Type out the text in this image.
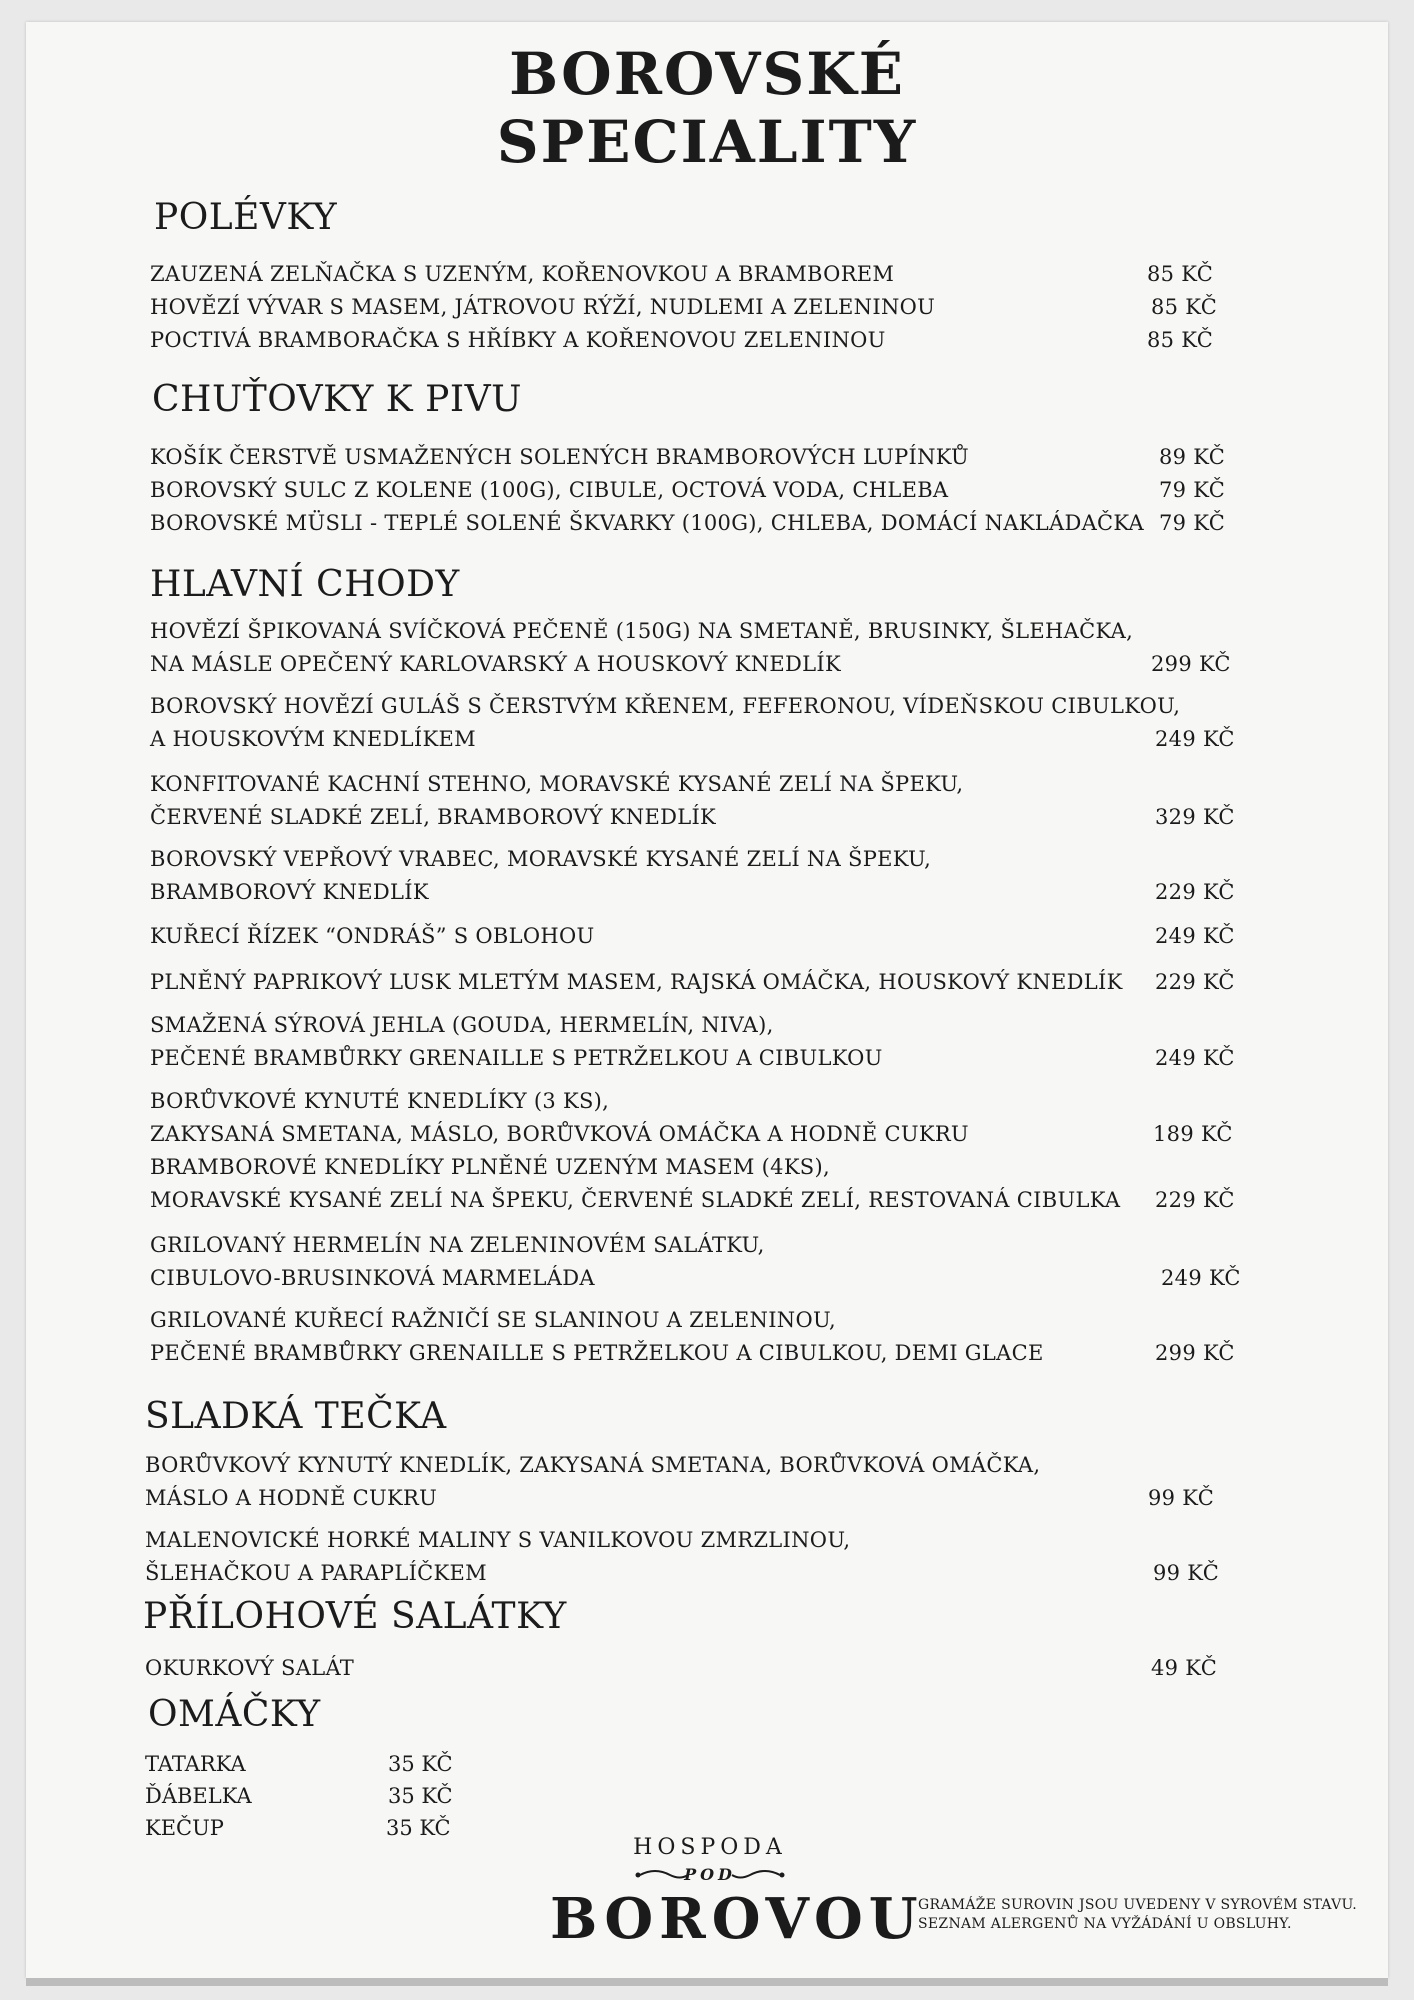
BOROVSKÉ
SPECIALITY
POLÉVKY
ZAUZENÁ ZELŇAČKA S UZENÝM, KOŘENOVKOU A BRAMBOREM	85 KČ
HOVĚZÍ VÝVAR S MASEM, JÁTROVOU RÝŽÍ, NUDLEMI A ZELENINOU	85 KČ
POCTIVÁ BRAMBORAČKA S HŘÍBKY A KOŘENOVOU ZELENINOU	85 KČ
CHUŤOVKY K PIVU
KOŠÍK ČERSTVĚ USMAŽENÝCH SOLENÝCH BRAMBOROVÝCH LUPÍNKŮ	89 KČ
BOROVSKÝ SULC Z KOLENE (100G), CIBULE, OCTOVÁ VODA, CHLEBA	79 KČ
BOROVSKÉ MÜSLI - TEPLÉ SOLENÉ ŠKVARKY (100G), CHLEBA, DOMÁCÍ NAKLÁDAČKA 79 KČ
HLAVNÍ CHODY
HOVĚZÍ ŠPIKOVANÁ SVÍČKOVÁ PEČENĚ (150G) NA SMETANĚ, BRUSINKY, ŠLEHAČKA,
NA MÁSLE OPEČENÝ KARLOVARSKÝ A HOUSKOVÝ KNEDLÍK	299 KČ
BOROVSKÝ HOVĚZÍ GULÁŠ S ČERSTVÝM KŘENEM, FEFERONOU, VÍDEŇSKOU CIBULKOU,
A HOUSKOVÝM KNEDLÍKEM	249 KČ
KONFITOVANÉ KACHNÍ STEHNO, MORAVSKÉ KYSANÉ ZELÍ NA ŠPEKU,
ČERVENÉ SLADKÉ ZELÍ, BRAMBOROVÝ KNEDLÍK	329 KČ
BOROVSKÝ VEPŘOVÝ VRABEC, MORAVSKÉ KYSANÉ ZELÍ NA ŠPEKU,
BRAMBOROVÝ KNEDLÍK	229 KČ
KUŘECÍ ŘÍZEK “ONDRÁŠ” S OBLOHOU	249 KČ
PLNĚNÝ PAPRIKOVÝ LUSK MLETÝM MASEM, RAJSKÁ OMÁČKA, HOUSKOVÝ KNEDLÍK 229 KČ
SMAŽENÁ SÝROVÁ JEHLA (GOUDA, HERMELÍN, NIVA),
PEČENÉ BRAMBŮRKY GRENAILLE S PETRŽELKOU A CIBULKOU	249 KČ
BORŮVKOVÉ KYNUTÉ KNEDLÍKY (3 KS),
ZAKYSANÁ SMETANA, MÁSLO, BORŮVKOVÁ OMÁČKA A HODNĚ CUKRU	189 KČ
BRAMBOROVÉ KNEDLÍKY PLNĚNÉ UZENÝM MASEM (4KS),
MORAVSKÉ KYSANÉ ZELÍ NA ŠPEKU, ČERVENÉ SLADKÉ ZELÍ, RESTOVANÁ CIBULKA 229 KČ
GRILOVANÝ HERMELÍN NA ZELENINOVÉM SALÁTKU,
CIBULOVO-BRUSINKOVÁ MARMELÁDA	249 KČ
GRILOVANÉ KUŘECÍ RAŽNIČÍ SE SLANINOU A ZELENINOU,
PEČENÉ BRAMBŮRKY GRENAILLE S PETRŽELKOU A CIBULKOU, DEMI GLACE	299 KČ
SLADKÁ TEČKA
BORŮVKOVÝ KYNUTÝ KNEDLÍK, ZAKYSANÁ SMETANA, BORŮVKOVÁ OMÁČKA,
MÁSLO A HODNĚ CUKRU	99 KČ
MALENOVICKÉ HORKÉ MALINY S VANILKOVOU ZMRZLINOU,
ŠLEHAČKOU A PARAPLÍČKEM	99 KČ
PŘÍLOHOVÉ SALÁTKY
OKURKOVÝ SALÁT	49 KČ
OMÁČKY
TATARKA	35 KČ
ĎÁBELKA	35 KČ
KEČUP	35 KČ
HOSPODA
POD
BOROVOU
GRAMÁŽE SUROVIN JSOU UVEDENY V SYROVÉM STAVU.
SEZNAM ALERGENŮ NA VYŽÁDÁNÍ U OBSLUHY.
